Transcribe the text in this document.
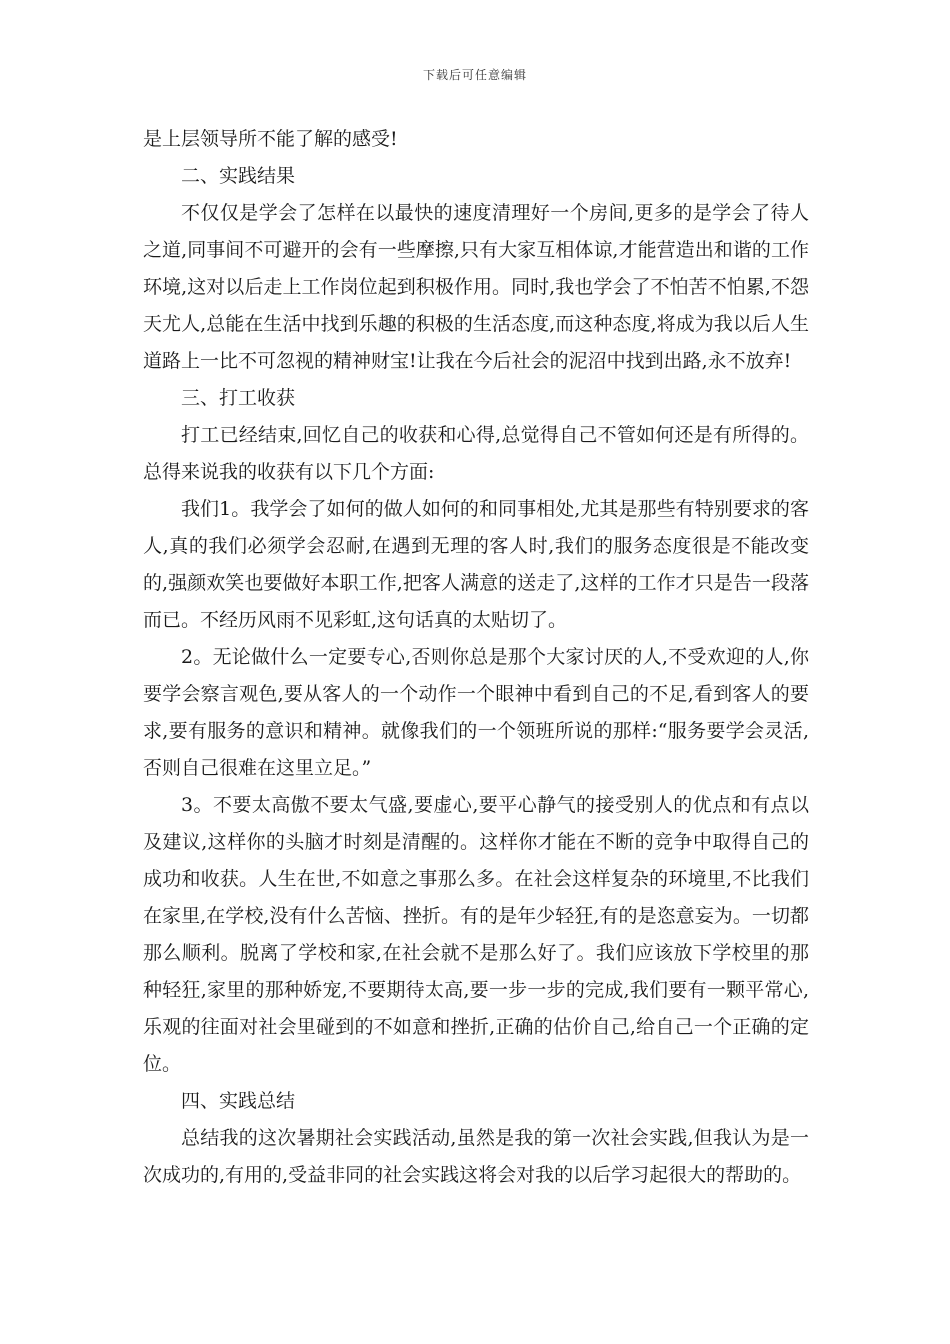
下载后可任意编辑

是上层领导所不能了解的感受!

二、实践结果

不仅仅是学会了怎样在以最快的速度清理好一个房间,更多的是学会了待人之道,同事间不可避开的会有一些摩擦,只有大家互相体谅,才能营造出和谐的工作环境,这对以后走上工作岗位起到积极作用。同时,我也学会了不怕苦不怕累,不怨天尤人,总能在生活中找到乐趣的积极的生活态度,而这种态度,将成为我以后人生道路上一比不可忽视的精神财宝!让我在今后社会的泥沼中找到出路,永不放弃!

三、打工收获

打工已经结束,回忆自己的收获和心得,总觉得自己不管如何还是有所得的。总得来说我的收获有以下几个方面:

我们1。我学会了如何的做人如何的和同事相处,尤其是那些有特别要求的客人,真的我们必须学会忍耐,在遇到无理的客人时,我们的服务态度很是不能改变的,强颜欢笑也要做好本职工作,把客人满意的送走了,这样的工作才只是告一段落而已。不经历风雨不见彩虹,这句话真的太贴切了。

2。无论做什么一定要专心,否则你总是那个大家讨厌的人,不受欢迎的人,你要学会察言观色,要从客人的一个动作一个眼神中看到自己的不足,看到客人的要求,要有服务的意识和精神。就像我们的一个领班所说的那样:“服务要学会灵活,否则自己很难在这里立足。”

3。不要太高傲不要太气盛,要虚心,要平心静气的接受别人的优点和有点以及建议,这样你的头脑才时刻是清醒的。这样你才能在不断的竞争中取得自己的成功和收获。人生在世,不如意之事那么多。在社会这样复杂的环境里,不比我们在家里,在学校,没有什么苦恼、挫折。有的是年少轻狂,有的是恣意妄为。一切都那么顺利。脱离了学校和家,在社会就不是那么好了。我们应该放下学校里的那种轻狂,家里的那种娇宠,不要期待太高,要一步一步的完成,我们要有一颗平常心,乐观的往面对社会里碰到的不如意和挫折,正确的估价自己,给自己一个正确的定位。

四、实践总结

总结我的这次暑期社会实践活动,虽然是我的第一次社会实践,但我认为是一次成功的,有用的,受益非同的社会实践这将会对我的以后学习起很大的帮助的。
